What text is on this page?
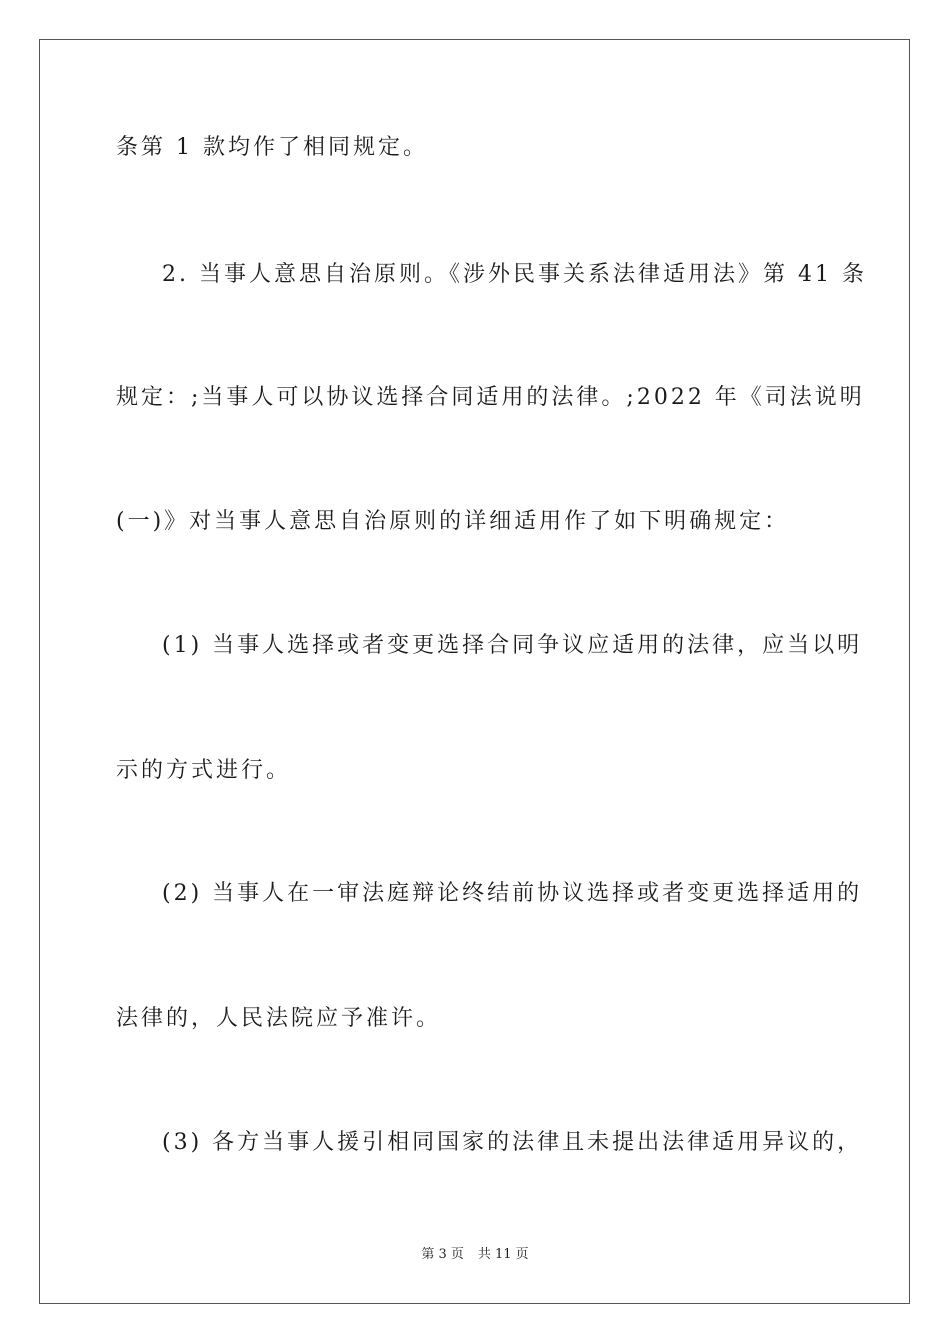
条第 1 款均作了相同规定。
2. 当事人意思自治原则。《涉外民事关系法律适用法》第 41 条
规定：;当事人可以协议选择合同适用的法律。;2022 年《司法说明
(一)》对当事人意思自治原则的详细适用作了如下明确规定：
(1) 当事人选择或者变更选择合同争议应适用的法律，应当以明
示的方式进行。
(2) 当事人在一审法庭辩论终结前协议选择或者变更选择适用的
法律的，人民法院应予准许。
(3) 各方当事人援引相同国家的法律且未提出法律适用异议的，
第 3 页 共 11 页
